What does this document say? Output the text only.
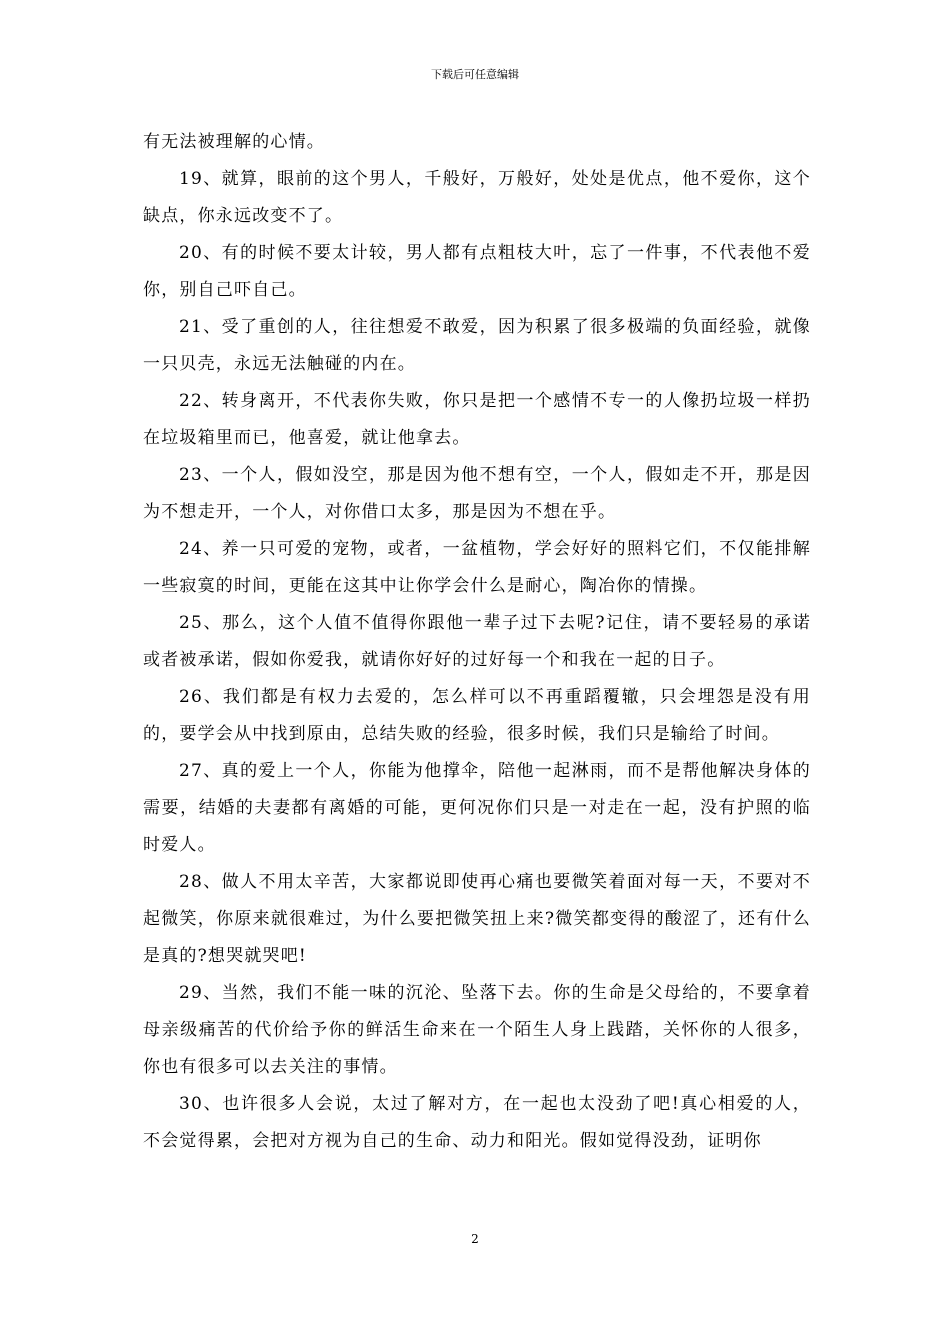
下载后可任意编辑

有无法被理解的心情。

19、就算，眼前的这个男人，千般好，万般好，处处是优点，他不爱你，这个缺点，你永远改变不了。

20、有的时候不要太计较，男人都有点粗枝大叶，忘了一件事，不代表他不爱你，别自己吓自己。

21、受了重创的人，往往想爱不敢爱，因为积累了很多极端的负面经验，就像一只贝壳，永远无法触碰的内在。

22、转身离开，不代表你失败，你只是把一个感情不专一的人像扔垃圾一样扔在垃圾箱里而已，他喜爱，就让他拿去。

23、一个人，假如没空，那是因为他不想有空，一个人，假如走不开，那是因为不想走开，一个人，对你借口太多，那是因为不想在乎。

24、养一只可爱的宠物，或者，一盆植物，学会好好的照料它们，不仅能排解一些寂寞的时间，更能在这其中让你学会什么是耐心，陶冶你的情操。

25、那么，这个人值不值得你跟他一辈子过下去呢?记住，请不要轻易的承诺或者被承诺，假如你爱我，就请你好好的过好每一个和我在一起的日子。

26、我们都是有权力去爱的，怎么样可以不再重蹈覆辙，只会埋怨是没有用的，要学会从中找到原由，总结失败的经验，很多时候，我们只是输给了时间。

27、真的爱上一个人，你能为他撑伞，陪他一起淋雨，而不是帮他解决身体的需要，结婚的夫妻都有离婚的可能，更何况你们只是一对走在一起，没有护照的临时爱人。

28、做人不用太辛苦，大家都说即使再心痛也要微笑着面对每一天，不要对不起微笑，你原来就很难过，为什么要把微笑扭上来?微笑都变得的酸涩了，还有什么是真的?想哭就哭吧!

29、当然，我们不能一味的沉沦、坠落下去。你的生命是父母给的，不要拿着母亲级痛苦的代价给予你的鲜活生命来在一个陌生人身上践踏，关怀你的人很多，你也有很多可以去关注的事情。

30、也许很多人会说，太过了解对方，在一起也太没劲了吧!真心相爱的人，不会觉得累，会把对方视为自己的生命、动力和阳光。假如觉得没劲，证明你

2
